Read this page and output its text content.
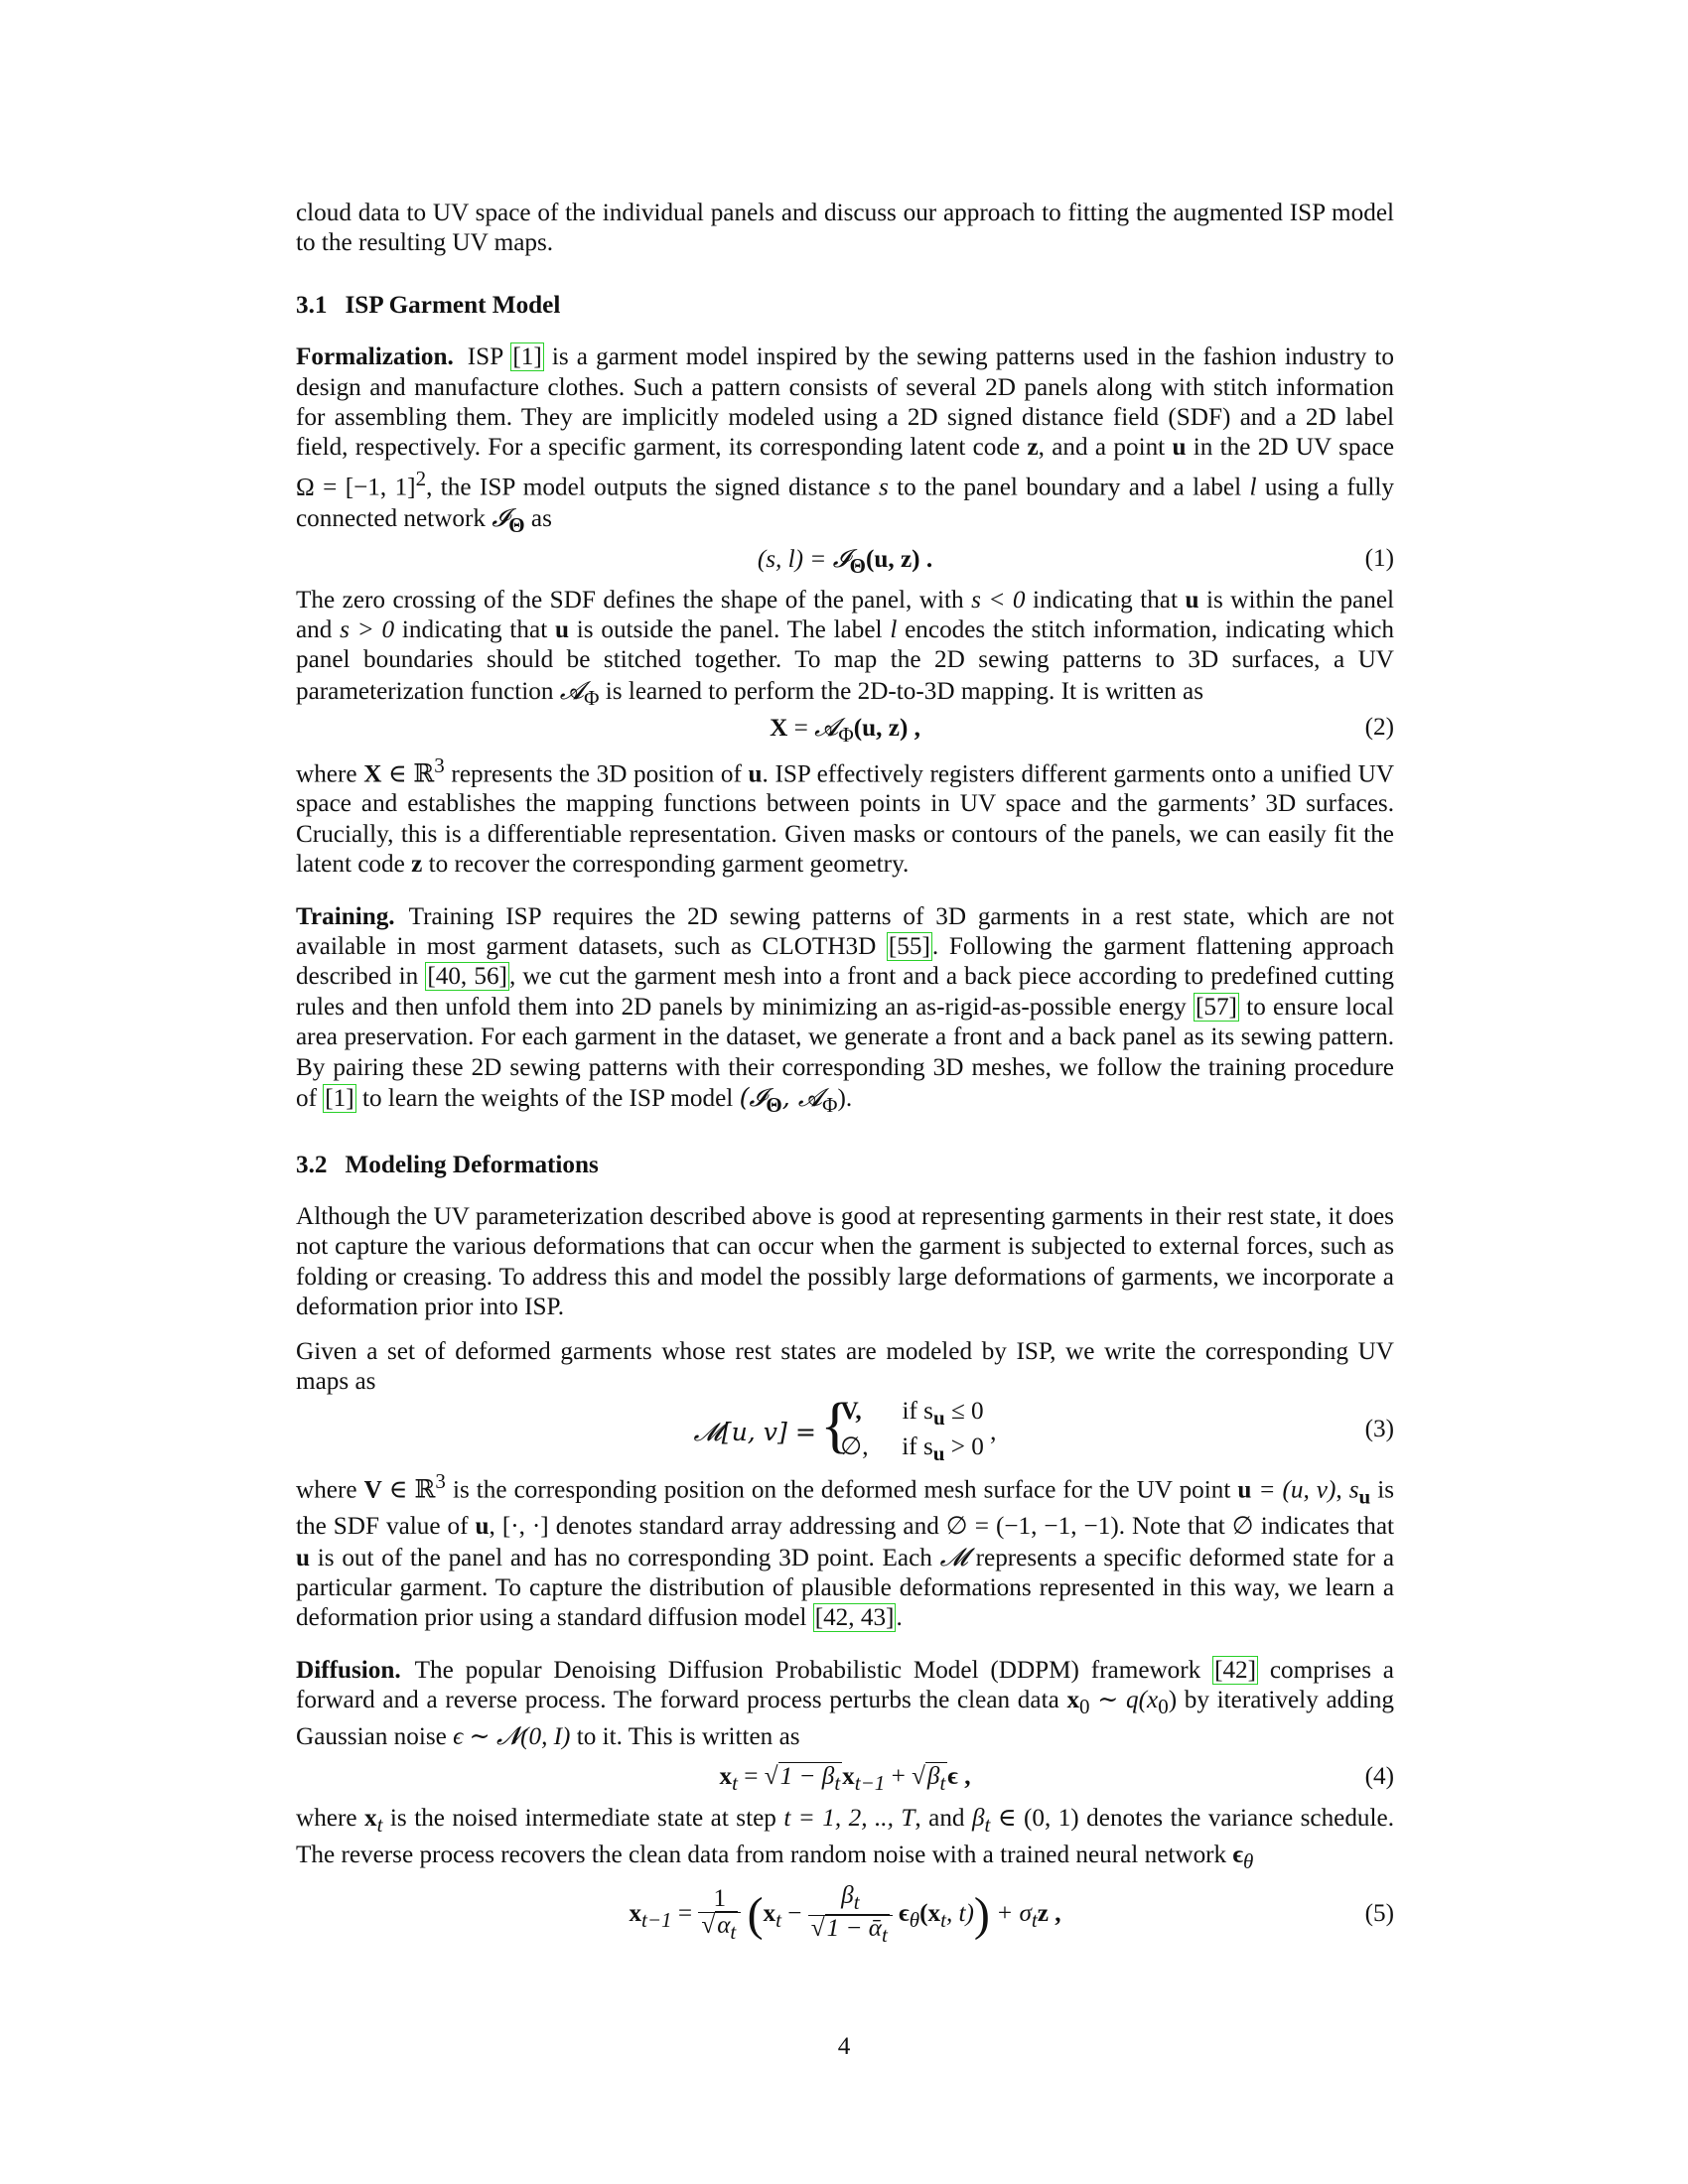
cloud data to UV space of the individual panels and discuss our approach to fitting the augmented ISP model to the resulting UV maps.

3.1 ISP Garment Model

Formalization. ISP [1] is a garment model inspired by the sewing patterns used in the fashion industry to design and manufacture clothes. Such a pattern consists of several 2D panels along with stitch information for assembling them. They are implicitly modeled using a 2D signed distance field (SDF) and a 2D label field, respectively. For a specific garment, its corresponding latent code z, and a point u in the 2D UV space Ω = [−1, 1]$^2$, the ISP model outputs the signed distance s to the panel boundary and a label l using a fully connected network 𝓘$_\Theta$ as

(s, l) = 𝓘$_\Theta$(u, z) .	(1)

The zero crossing of the SDF defines the shape of the panel, with s < 0 indicating that u is within the panel and s > 0 indicating that u is outside the panel. The label l encodes the stitch information, indicating which panel boundaries should be stitched together. To map the 2D sewing patterns to 3D surfaces, a UV parameterization function 𝓐$_\Phi$ is learned to perform the 2D-to-3D mapping. It is written as

X = 𝓐$_\Phi$(u, z) ,	(2)

where X ∈ ℝ$^3$ represents the 3D position of u. ISP effectively registers different garments onto a unified UV space and establishes the mapping functions between points in UV space and the garments’ 3D surfaces. Crucially, this is a differentiable representation. Given masks or contours of the panels, we can easily fit the latent code z to recover the corresponding garment geometry.

Training. Training ISP requires the 2D sewing patterns of 3D garments in a rest state, which are not available in most garment datasets, such as CLOTH3D [55]. Following the garment flattening approach described in [40, 56], we cut the garment mesh into a front and a back piece according to predefined cutting rules and then unfold them into 2D panels by minimizing an as-rigid-as-possible energy [57] to ensure local area preservation. For each garment in the dataset, we generate a front and a back panel as its sewing pattern. By pairing these 2D sewing patterns with their corresponding 3D meshes, we follow the training procedure of [1] to learn the weights of the ISP model (𝓘$_\Theta$, 𝓐$_\Phi$).

3.2 Modeling Deformations

Although the UV parameterization described above is good at representing garments in their rest state, it does not capture the various deformations that can occur when the garment is subjected to external forces, such as folding or creasing. To address this and model the possibly large deformations of garments, we incorporate a deformation prior into ISP.

Given a set of deformed garments whose rest states are modeled by ISP, we write the corresponding UV maps as

𝓜[u, v] =
{ V, if $s_u \le 0$
∅, if $s_u > 0$
,	(3)

where V ∈ ℝ$^3$ is the corresponding position on the deformed mesh surface for the UV point u = (u, v), $s_u$ is the SDF value of u, [·, ·] denotes standard array addressing and ∅ = (−1, −1, −1). Note that ∅ indicates that u is out of the panel and has no corresponding 3D point. Each 𝓜 represents a specific deformed state for a particular garment. To capture the distribution of plausible deformations represented in this way, we learn a deformation prior using a standard diffusion model [42, 43].

Diffusion. The popular Denoising Diffusion Probabilistic Model (DDPM) framework [42] comprises a forward and a reverse process. The forward process perturbs the clean data $x_0$ ∼ $q(x_0)$ by iteratively adding Gaussian noise ϵ ∼ 𝓝(0, I) to it. This is written as

$x_t = √1 - \beta_tx_{t-1} + √\beta_t\epsilon$ ,	(4)

where $x_t$ is the noised intermediate state at step t = 1, 2, .., T, and $\beta_t$ ∈ (0, 1) denotes the variance schedule. The reverse process recovers the clean data from random noise with a trained neural network $\epsilon_\theta$

$x_{t-1} = \frac{1}{√\alpha_t} (x_t - \frac{\beta_t}{√1 - ᾱ_t} \epsilon_\theta(x_t$, $t)) + \sigma_tz$ ,	(5)
4
